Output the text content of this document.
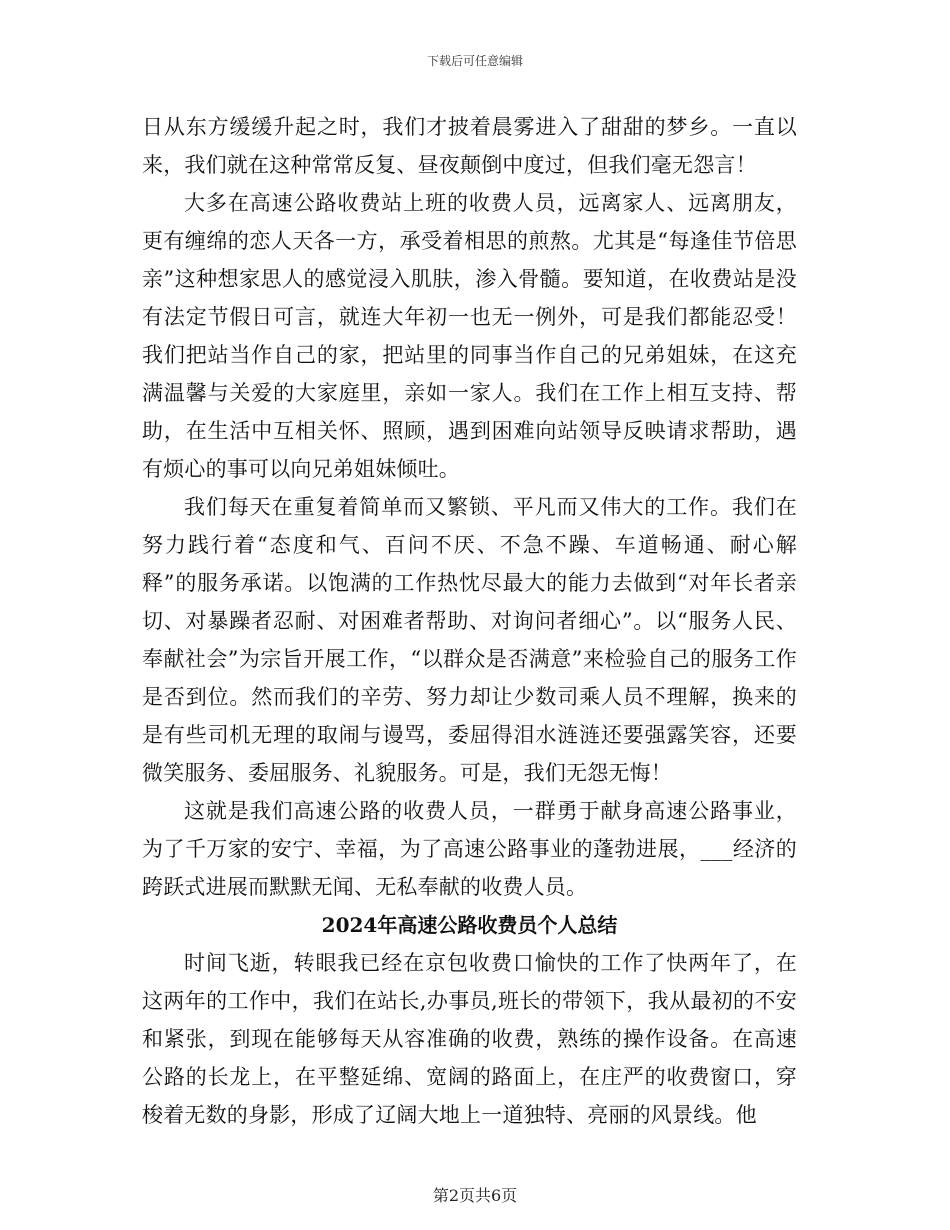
下载后可任意编辑

日从东方缓缓升起之时，我们才披着晨雾进入了甜甜的梦乡。一直以来，我们就在这种常常反复、昼夜颠倒中度过，但我们毫无怨言！

大多在高速公路收费站上班的收费人员，远离家人、远离朋友，更有缠绵的恋人天各一方，承受着相思的煎熬。尤其是“每逢佳节倍思亲”这种想家思人的感觉浸入肌肤，渗入骨髓。要知道，在收费站是没有法定节假日可言，就连大年初一也无一例外，可是我们都能忍受！我们把站当作自己的家，把站里的同事当作自己的兄弟姐妹，在这充满温馨与关爱的大家庭里，亲如一家人。我们在工作上相互支持、帮助，在生活中互相关怀、照顾，遇到困难向站领导反映请求帮助，遇有烦心的事可以向兄弟姐妹倾吐。

我们每天在重复着简单而又繁锁、平凡而又伟大的工作。我们在努力践行着“态度和气、百问不厌、不急不躁、车道畅通、耐心解释”的服务承诺。以饱满的工作热忱尽最大的能力去做到“对年长者亲切、对暴躁者忍耐、对困难者帮助、对询问者细心”。以“服务人民、奉献社会”为宗旨开展工作，“以群众是否满意”来检验自己的服务工作是否到位。然而我们的辛劳、努力却让少数司乘人员不理解，换来的是有些司机无理的取闹与谩骂，委屈得泪水涟涟还要强露笑容，还要微笑服务、委屈服务、礼貌服务。可是，我们无怨无悔！

这就是我们高速公路的收费人员，一群勇于献身高速公路事业，为了千万家的安宁、幸福，为了高速公路事业的蓬勃进展，___经济的跨跃式进展而默默无闻、无私奉献的收费人员。

2024年高速公路收费员个人总结

时间飞逝，转眼我已经在京包收费口愉快的工作了快两年了，在这两年的工作中，我们在站长,办事员,班长的带领下，我从最初的不安和紧张，到现在能够每天从容准确的收费，熟练的操作设备。在高速公路的长龙上，在平整延绵、宽阔的路面上，在庄严的收费窗口，穿梭着无数的身影，形成了辽阔大地上一道独特、亮丽的风景线。他

第2页共6页
